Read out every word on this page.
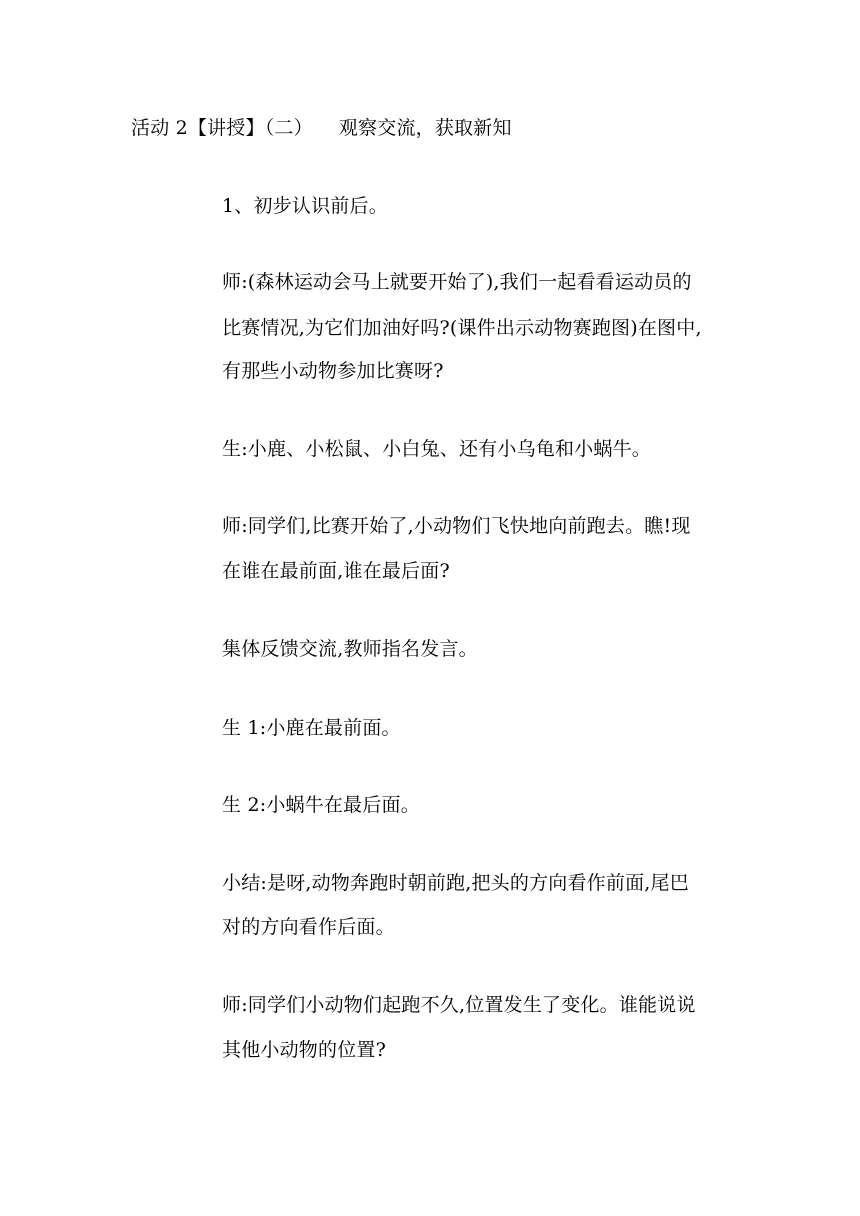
活动 2【讲授】（二） 观察交流，获取新知
1、初步认识前后。
师:(森林运动会马上就要开始了),我们一起看看运动员的
比赛情况,为它们加油好吗?(课件出示动物赛跑图)在图中,
有那些小动物参加比赛呀?
生:小鹿、小松鼠、小白兔、还有小乌龟和小蜗牛。
师:同学们,比赛开始了,小动物们飞快地向前跑去。瞧!现
在谁在最前面,谁在最后面?
集体反馈交流,教师指名发言。
生 1:小鹿在最前面。
生 2:小蜗牛在最后面。
小结:是呀,动物奔跑时朝前跑,把头的方向看作前面,尾巴
对的方向看作后面。
师:同学们小动物们起跑不久,位置发生了变化。谁能说说
其他小动物的位置?
